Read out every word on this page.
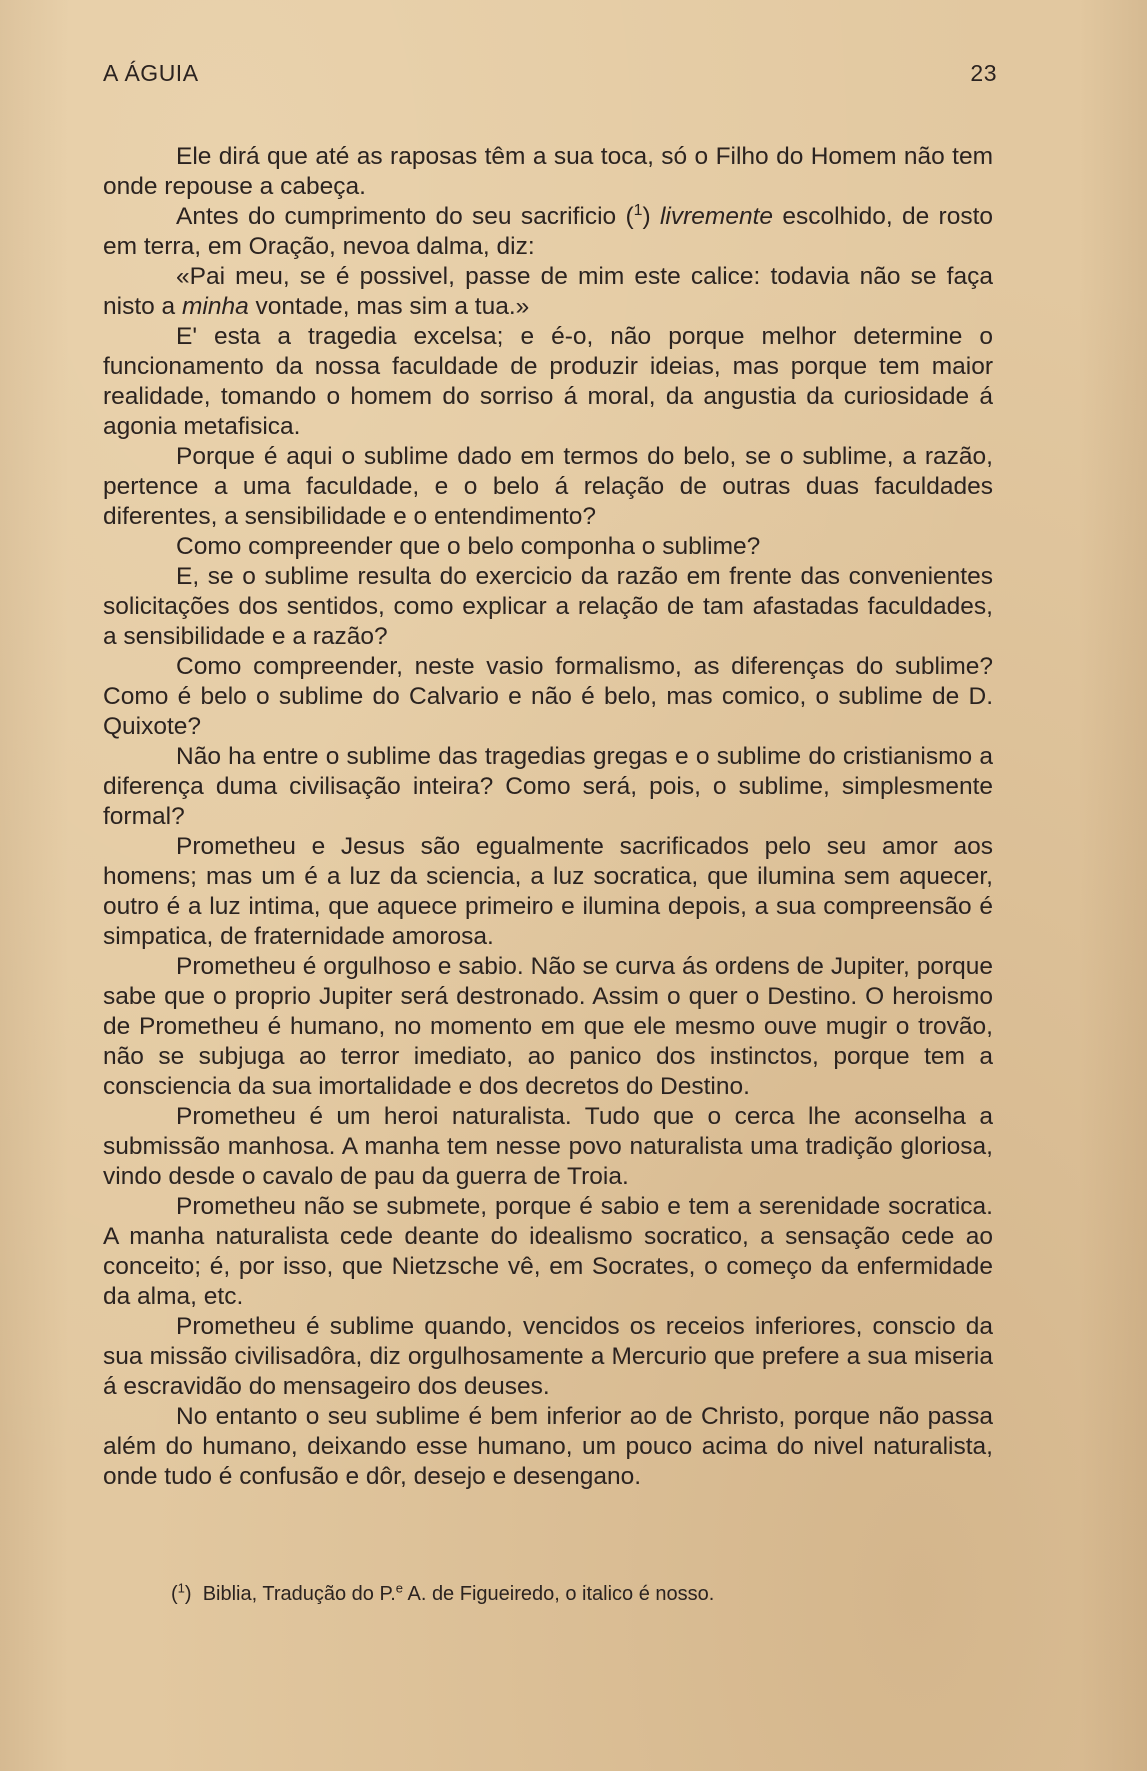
A ÁGUIA	23

Ele dirá que até as raposas têm a sua toca, só o Filho do Homem não tem onde repouse a cabeça.

Antes do cumprimento do seu sacrificio ($^1$) livremente escolhido, de rosto em terra, em Oração, nevoa dalma, diz:

«Pai meu, se é possivel, passe de mim este calice: todavia não se faça nisto a minha vontade, mas sim a tua.»

E' esta a tragedia excelsa; e é-o, não porque melhor determine o funcionamento da nossa faculdade de produzir ideias, mas porque tem maior realidade, tomando o homem do sorriso á moral, da angustia da curiosidade á agonia metafisica.

Porque é aqui o sublime dado em termos do belo, se o sublime, a razão, pertence a uma faculdade, e o belo á relação de outras duas faculdades diferentes, a sensibilidade e o entendimento?

Como compreender que o belo componha o sublime?

E, se o sublime resulta do exercicio da razão em frente das convenientes solicitações dos sentidos, como explicar a relação de tam afastadas faculdades, a sensibilidade e a razão?

Como compreender, neste vasio formalismo, as diferenças do sublime? Como é belo o sublime do Calvario e não é belo, mas comico, o sublime de D. Quixote?

Não ha entre o sublime das tragedias gregas e o sublime do cristianismo a diferença duma civilisação inteira? Como será, pois, o sublime, simplesmente formal?

Prometheu e Jesus são egualmente sacrificados pelo seu amor aos homens; mas um é a luz da sciencia, a luz socratica, que ilumina sem aquecer, outro é a luz intima, que aquece primeiro e ilumina depois, a sua compreensão é simpatica, de fraternidade amorosa.

Prometheu é orgulhoso e sabio. Não se curva ás ordens de Jupiter, porque sabe que o proprio Jupiter será destronado. Assim o quer o Destino. O heroismo de Prometheu é humano, no momento em que ele mesmo ouve mugir o trovão, não se subjuga ao terror imediato, ao panico dos instinctos, porque tem a consciencia da sua imortalidade e dos decretos do Destino.

Prometheu é um heroi naturalista. Tudo que o cerca lhe aconselha a submissão manhosa. A manha tem nesse povo naturalista uma tradição gloriosa, vindo desde o cavalo de pau da guerra de Troia.

Prometheu não se submete, porque é sabio e tem a serenidade socratica. A manha naturalista cede deante do idealismo socratico, a sensação cede ao conceito; é, por isso, que Nietzsche vê, em Socrates, o começo da enfermidade da alma, etc.

Prometheu é sublime quando, vencidos os receios inferiores, conscio da sua missão civilisadôra, diz orgulhosamente a Mercurio que prefere a sua miseria á escravidão do mensageiro dos deuses.

No entanto o seu sublime é bem inferior ao de Christo, porque não passa além do humano, deixando esse humano, um pouco acima do nivel naturalista, onde tudo é confusão e dôr, desejo e desengano.

($^1$)  Biblia, Tradução do P.$^e$ A. de Figueiredo, o italico é nosso.
